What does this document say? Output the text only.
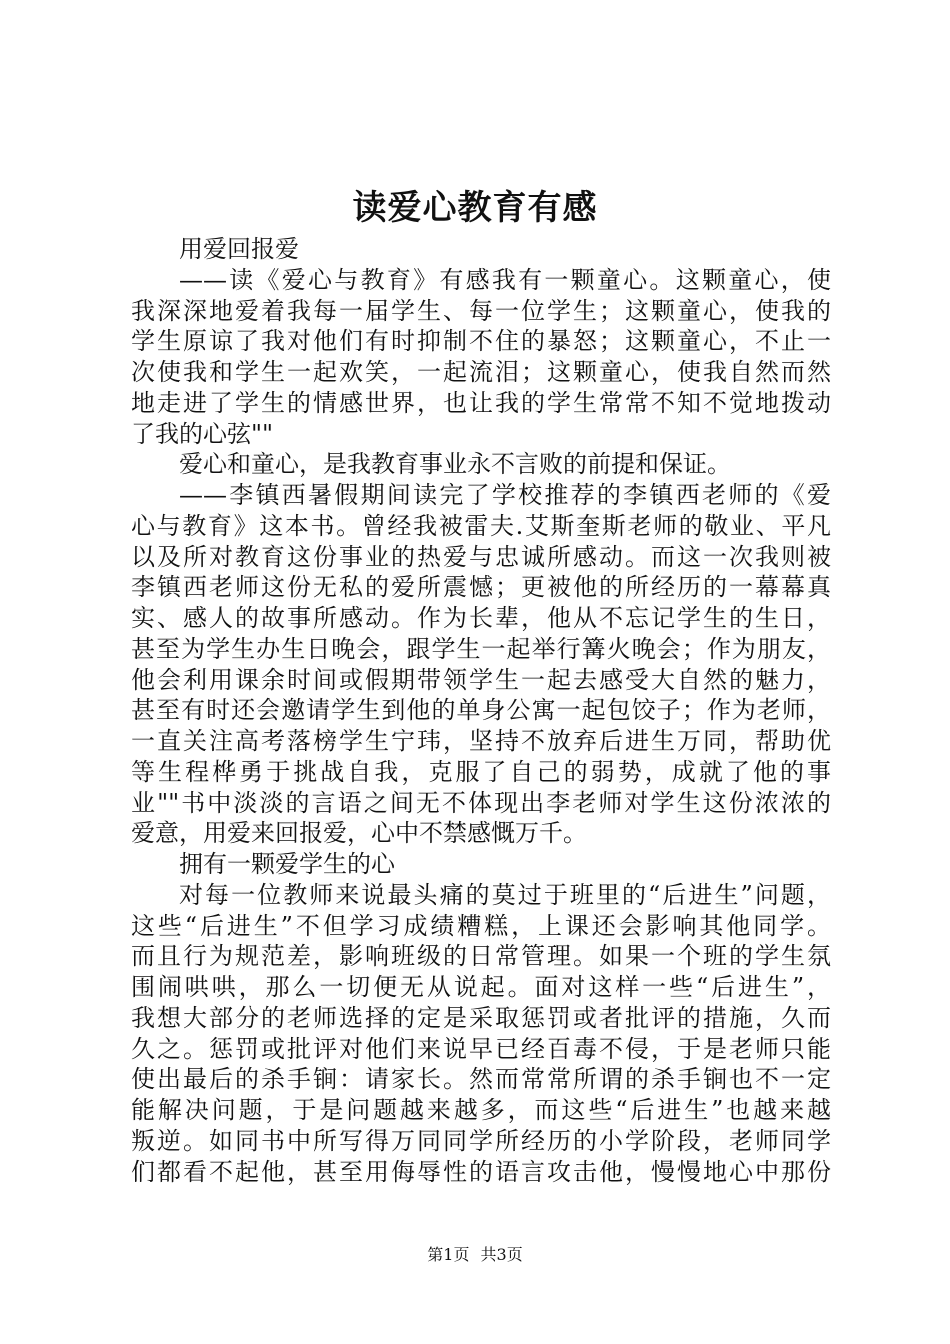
读爱心教育有感
用爱回报爱
——读《爱心与教育》有感我有一颗童心。这颗童心，使
我深深地爱着我每一届学生、每一位学生；这颗童心，使我的
学生原谅了我对他们有时抑制不住的暴怒；这颗童心，不止一
次使我和学生一起欢笑，一起流泪；这颗童心，使我自然而然
地走进了学生的情感世界，也让我的学生常常不知不觉地拨动
了我的心弦""
爱心和童心，是我教育事业永不言败的前提和保证。
——李镇西暑假期间读完了学校推荐的李镇西老师的《爱
心与教育》这本书。曾经我被雷夫.艾斯奎斯老师的敬业、平凡
以及所对教育这份事业的热爱与忠诚所感动。而这一次我则被
李镇西老师这份无私的爱所震憾；更被他的所经历的一幕幕真
实、感人的故事所感动。作为长辈，他从不忘记学生的生日，
甚至为学生办生日晚会，跟学生一起举行篝火晚会；作为朋友，
他会利用课余时间或假期带领学生一起去感受大自然的魅力，
甚至有时还会邀请学生到他的单身公寓一起包饺子；作为老师，
一直关注高考落榜学生宁玮，坚持不放弃后进生万同，帮助优
等生程桦勇于挑战自我，克服了自己的弱势，成就了他的事
业""书中淡淡的言语之间无不体现出李老师对学生这份浓浓的
爱意，用爱来回报爱，心中不禁感慨万千。
拥有一颗爱学生的心
对每一位教师来说最头痛的莫过于班里的“后进生”问题，
这些“后进生”不但学习成绩糟糕，上课还会影响其他同学。
而且行为规范差，影响班级的日常管理。如果一个班的学生氛
围闹哄哄，那么一切便无从说起。面对这样一些“后进生”，
我想大部分的老师选择的定是采取惩罚或者批评的措施，久而
久之。惩罚或批评对他们来说早已经百毒不侵，于是老师只能
使出最后的杀手锏：请家长。然而常常所谓的杀手锏也不一定
能解决问题，于是问题越来越多，而这些“后进生”也越来越
叛逆。如同书中所写得万同同学所经历的小学阶段，老师同学
们都看不起他，甚至用侮辱性的语言攻击他，慢慢地心中那份
第1页 共3页
